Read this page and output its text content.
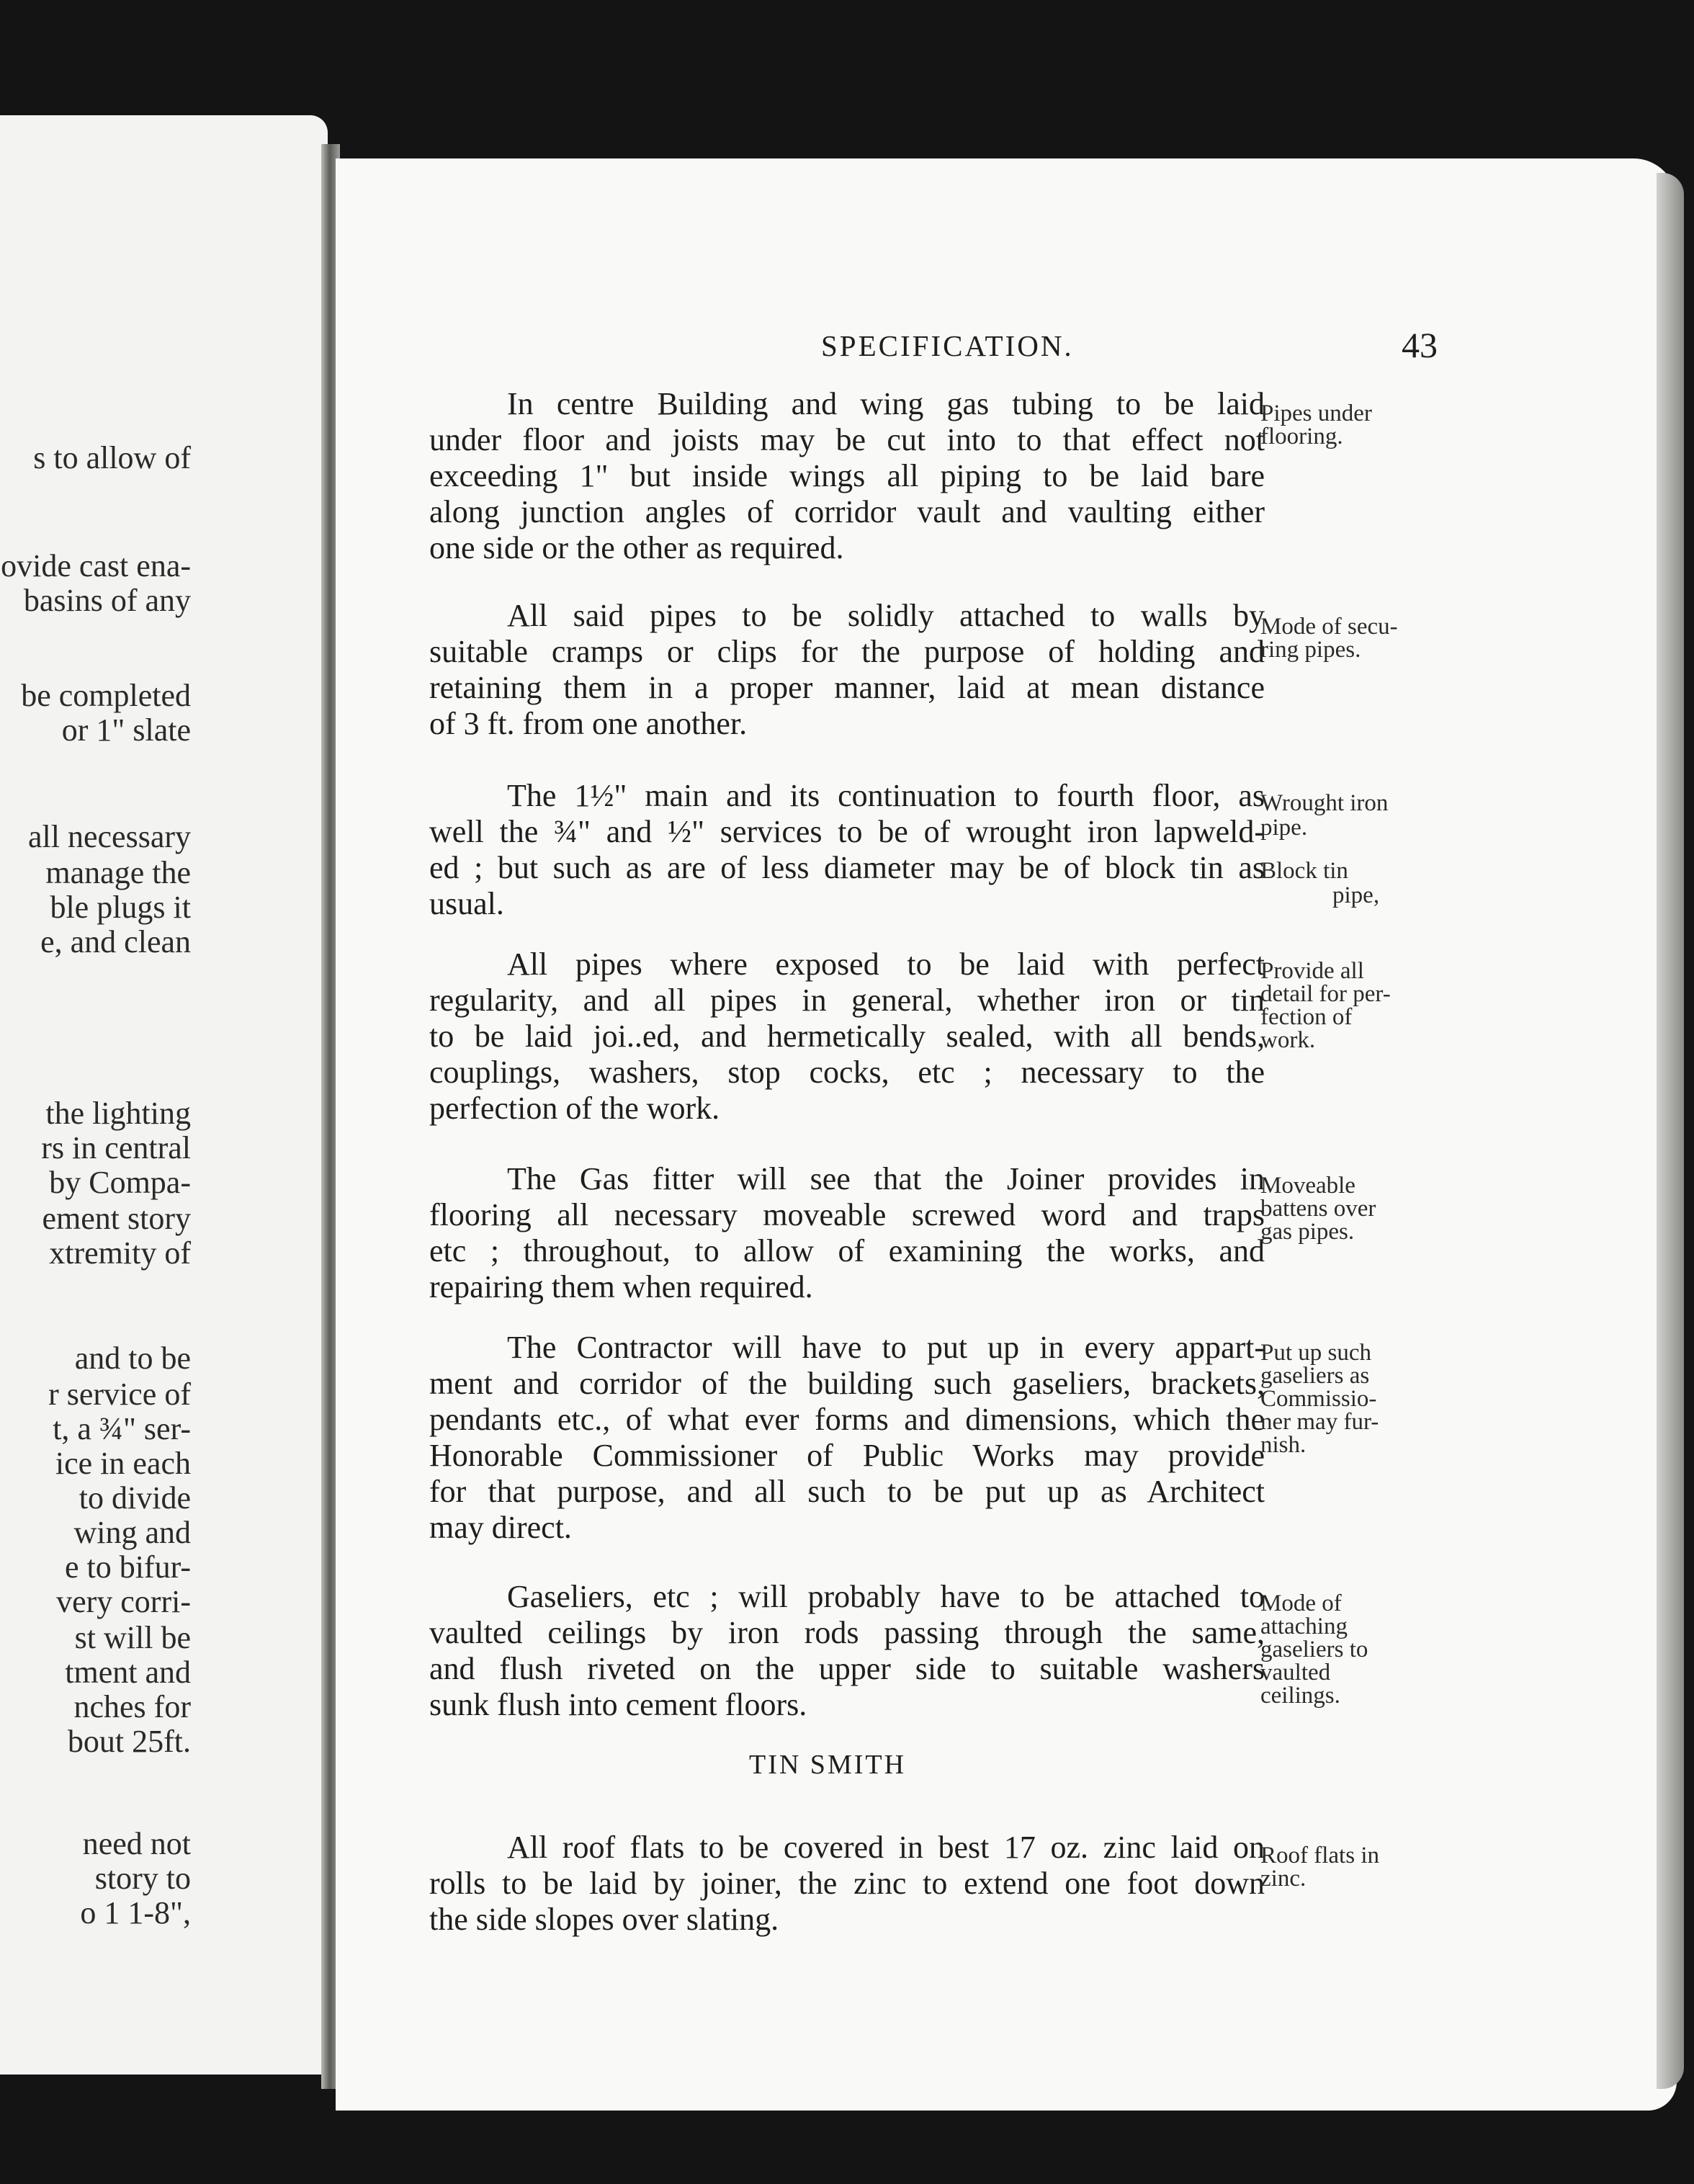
s to allow of
ovide cast ena-
basins of any
be completed
or 1" slate
all necessary
manage the
ble plugs it
e, and clean
the lighting
rs in central
by Compa-
ement story
xtremity of
and to be
r service of
t, a ¾" ser-
ice in each
to divide
wing and
e to bifur-
very corri-
st will be
tment and
nches for
bout 25ft.
need not
story to
o 1 1-8",
SPECIFICATION.	43
In centre Building and wing gas tubing to be laid
under floor and joists may be cut into to that effect not
exceeding 1" but inside wings all piping to be laid bare
along junction angles of corridor vault and vaulting either
one side or the other as required.
Pipes under
flooring.
All said pipes to be solidly attached to walls by
suitable cramps or clips for the purpose of holding and
retaining them in a proper manner, laid at mean distance
of 3 ft. from one another.
Mode of secu-
ring pipes.
The 1½" main and its continuation to fourth floor, as
well the ¾" and ½" services to be of wrought iron lapweld-
ed ; but such as are of less diameter may be of block tin as
usual.
Wrought iron
pipe.
Block tin
pipe,
All pipes where exposed to be laid with perfect
regularity, and all pipes in general, whether iron or tin
to be laid joi..ed, and hermetically sealed, with all bends,
couplings, washers, stop cocks, etc ; necessary to the
perfection of the work.
Provide all
detail for per-
fection of
work.
The Gas fitter will see that the Joiner provides in
flooring all necessary moveable screwed word and traps
etc ; throughout, to allow of examining the works, and
repairing them when required.
Moveable
battens over
gas pipes.
The Contractor will have to put up in every appart-
ment and corridor of the building such gaseliers, brackets,
pendants etc., of what ever forms and dimensions, which the
Honorable Commissioner of Public Works may provide
for that purpose, and all such to be put up as Architect
may direct.
Put up such
gaseliers as
Commissio-
ner may fur-
nish.
Gaseliers, etc ; will probably have to be attached to
vaulted ceilings by iron rods passing through the same,
and flush riveted on the upper side to suitable washers
sunk flush into cement floors.
Mode of
attaching
gaseliers to
vaulted
ceilings.
TIN SMITH
All roof flats to be covered in best 17 oz. zinc laid on
rolls to be laid by joiner, the zinc to extend one foot down
the side slopes over slating.
Roof flats in
zinc.
